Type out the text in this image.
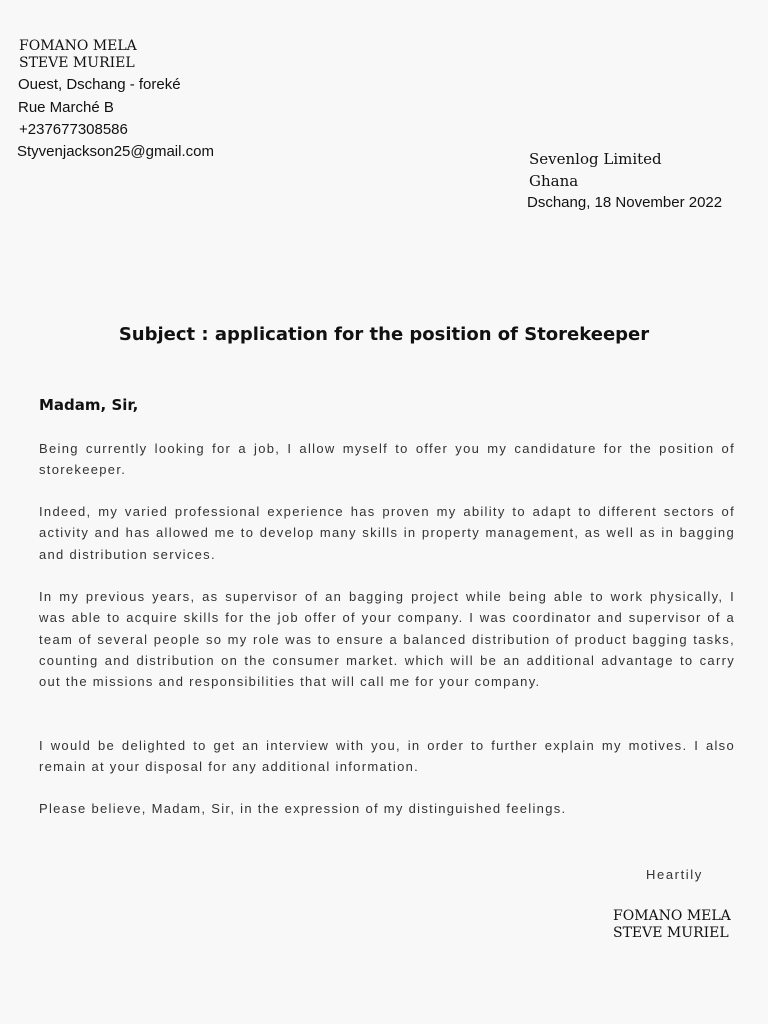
FOMANO MELA
STEVE MURIEL
Ouest, Dschang - foreké
Rue Marché B
+237677308586
Styvenjackson25@gmail.com	Sevenlog Limited
Ghana
Dschang, 18 November 2022
Subject : application for the position of Storekeeper
Madam, Sir,

Being currently looking for a job, I allow myself to offer you my candidature for the position of storekeeper.

Indeed, my varied professional experience has proven my ability to adapt to different sectors of activity and has allowed me to develop many skills in property management, as well as in bagging and distribution services.

In my previous years, as supervisor of an bagging project while being able to work physically, I was able to acquire skills for the job offer of your company. I was coordinator and supervisor of a team of several people so my role was to ensure a balanced distribution of product bagging tasks, counting and distribution on the consumer market. which will be an additional advantage to carry out the missions and responsibilities that will call me for your company.

I would be delighted to get an interview with you, in order to further explain my motives. I also remain at your disposal for any additional information.

Please believe, Madam, Sir, in the expression of my distinguished feelings.

Heartily
FOMANO MELA
STEVE MURIEL
